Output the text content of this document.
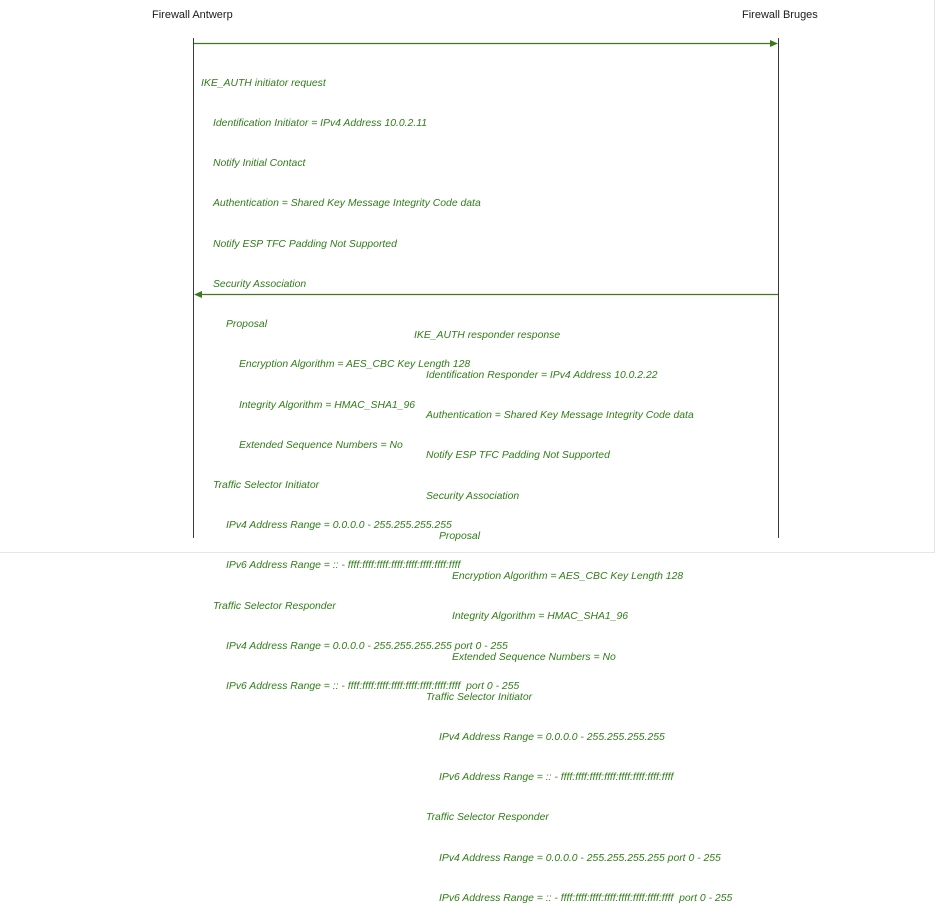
Firewall Antwerp	Firewall Bruges

IKE_AUTH initiator request

Identification Initiator = IPv4 Address 10.0.2.11

Notify Initial Contact

Authentication = Shared Key Message Integrity Code data

Notify ESP TFC Padding Not Supported

Security Association

Proposal

Encryption Algorithm = AES_CBC Key Length 128

Integrity Algorithm = HMAC_SHA1_96

Extended Sequence Numbers = No

Traffic Selector Initiator

IPv4 Address Range = 0.0.0.0 - 255.255.255.255

IPv6 Address Range = :: - ffff:ffff:ffff:ffff:ffff:ffff:ffff:ffff

Traffic Selector Responder

IPv4 Address Range = 0.0.0.0 - 255.255.255.255 port 0 - 255

IPv6 Address Range = :: - ffff:ffff:ffff:ffff:ffff:ffff:ffff:ffff  port 0 - 255

IKE_AUTH responder response

Identification Responder = IPv4 Address 10.0.2.22

Authentication = Shared Key Message Integrity Code data

Notify ESP TFC Padding Not Supported

Security Association

Proposal

Encryption Algorithm = AES_CBC Key Length 128

Integrity Algorithm = HMAC_SHA1_96

Extended Sequence Numbers = No

Traffic Selector Initiator

IPv4 Address Range = 0.0.0.0 - 255.255.255.255

IPv6 Address Range = :: - ffff:ffff:ffff:ffff:ffff:ffff:ffff:ffff

Traffic Selector Responder

IPv4 Address Range = 0.0.0.0 - 255.255.255.255 port 0 - 255

IPv6 Address Range = :: - ffff:ffff:ffff:ffff:ffff:ffff:ffff:ffff  port 0 - 255
